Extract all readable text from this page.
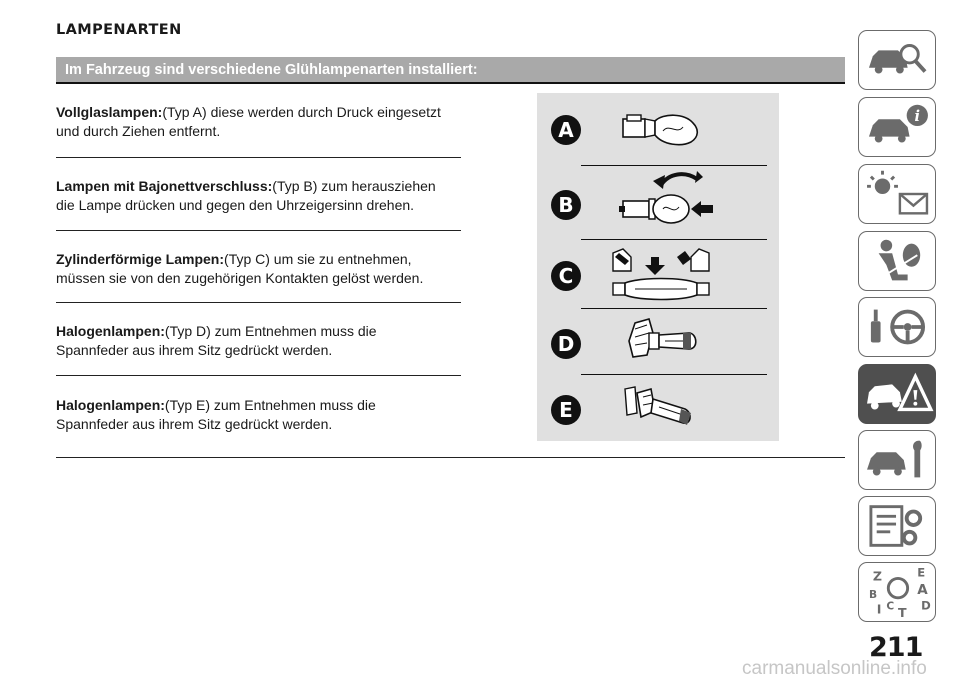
LAMPENARTEN
Im Fahrzeug sind verschiedene Glühlampenarten installiert:
Vollglaslampen:(Typ A) diese werden durch Druck eingesetzt
und durch Ziehen entfernt.
Lampen mit Bajonettverschluss:(Typ B) zum herausziehen
die Lampe drücken und gegen den Uhrzeigersinn drehen.
Zylinderförmige Lampen:(Typ C) um sie zu entnehmen,
müssen sie von den zugehörigen Kontakten gelöst werden.
Halogenlampen:(Typ D) zum Entnehmen muss die
Spannfeder aus ihrem Sitz gedrückt werden.
Halogenlampen:(Typ E) zum Entnehmen muss die
Spannfeder aus ihrem Sitz gedrückt werden.
A
B
C
D
E
i
Z	E
B	A
C D
I T
211
carmanualsonline.info
